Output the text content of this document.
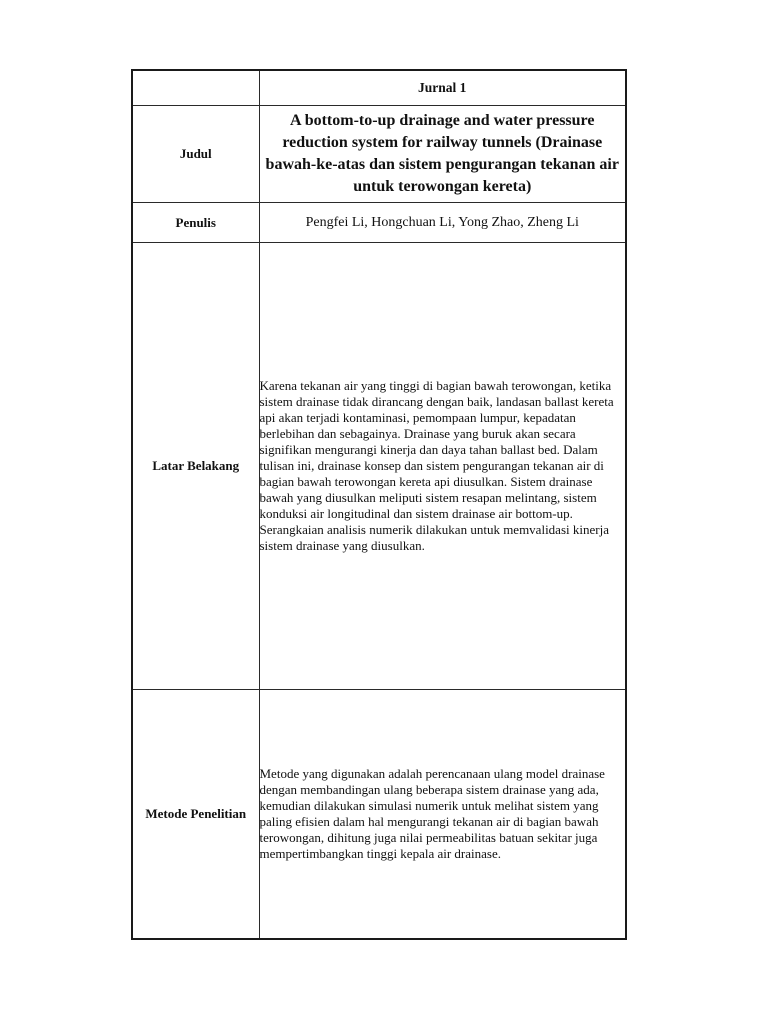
	Jurnal 1
Judul	A bottom-to-up drainage and water pressure reduction system for railway tunnels (Drainase bawah-ke-atas dan sistem pengurangan tekanan air untuk terowongan kereta)
Penulis	Pengfei Li, Hongchuan Li, Yong Zhao, Zheng Li
Latar Belakang	Karena tekanan air yang tinggi di bagian bawah terowongan, ketika sistem drainase tidak dirancang dengan baik, landasan ballast kereta api akan terjadi kontaminasi, pemompaan lumpur, kepadatan berlebihan dan sebagainya. Drainase yang buruk akan secara signifikan mengurangi kinerja dan daya tahan ballast bed. Dalam tulisan ini, drainase konsep dan sistem pengurangan tekanan air di bagian bawah terowongan kereta api diusulkan. Sistem drainase bawah yang diusulkan meliputi sistem resapan melintang, sistem konduksi air longitudinal dan sistem drainase air bottom-up. Serangkaian analisis numerik dilakukan untuk memvalidasi kinerja sistem drainase yang diusulkan.
Metode Penelitian	Metode yang digunakan adalah perencanaan ulang model drainase dengan membandingan ulang beberapa sistem drainase yang ada, kemudian dilakukan simulasi numerik untuk melihat sistem yang paling efisien dalam hal mengurangi tekanan air di bagian bawah terowongan, dihitung juga nilai permeabilitas batuan sekitar juga mempertimbangkan tinggi kepala air drainase.
